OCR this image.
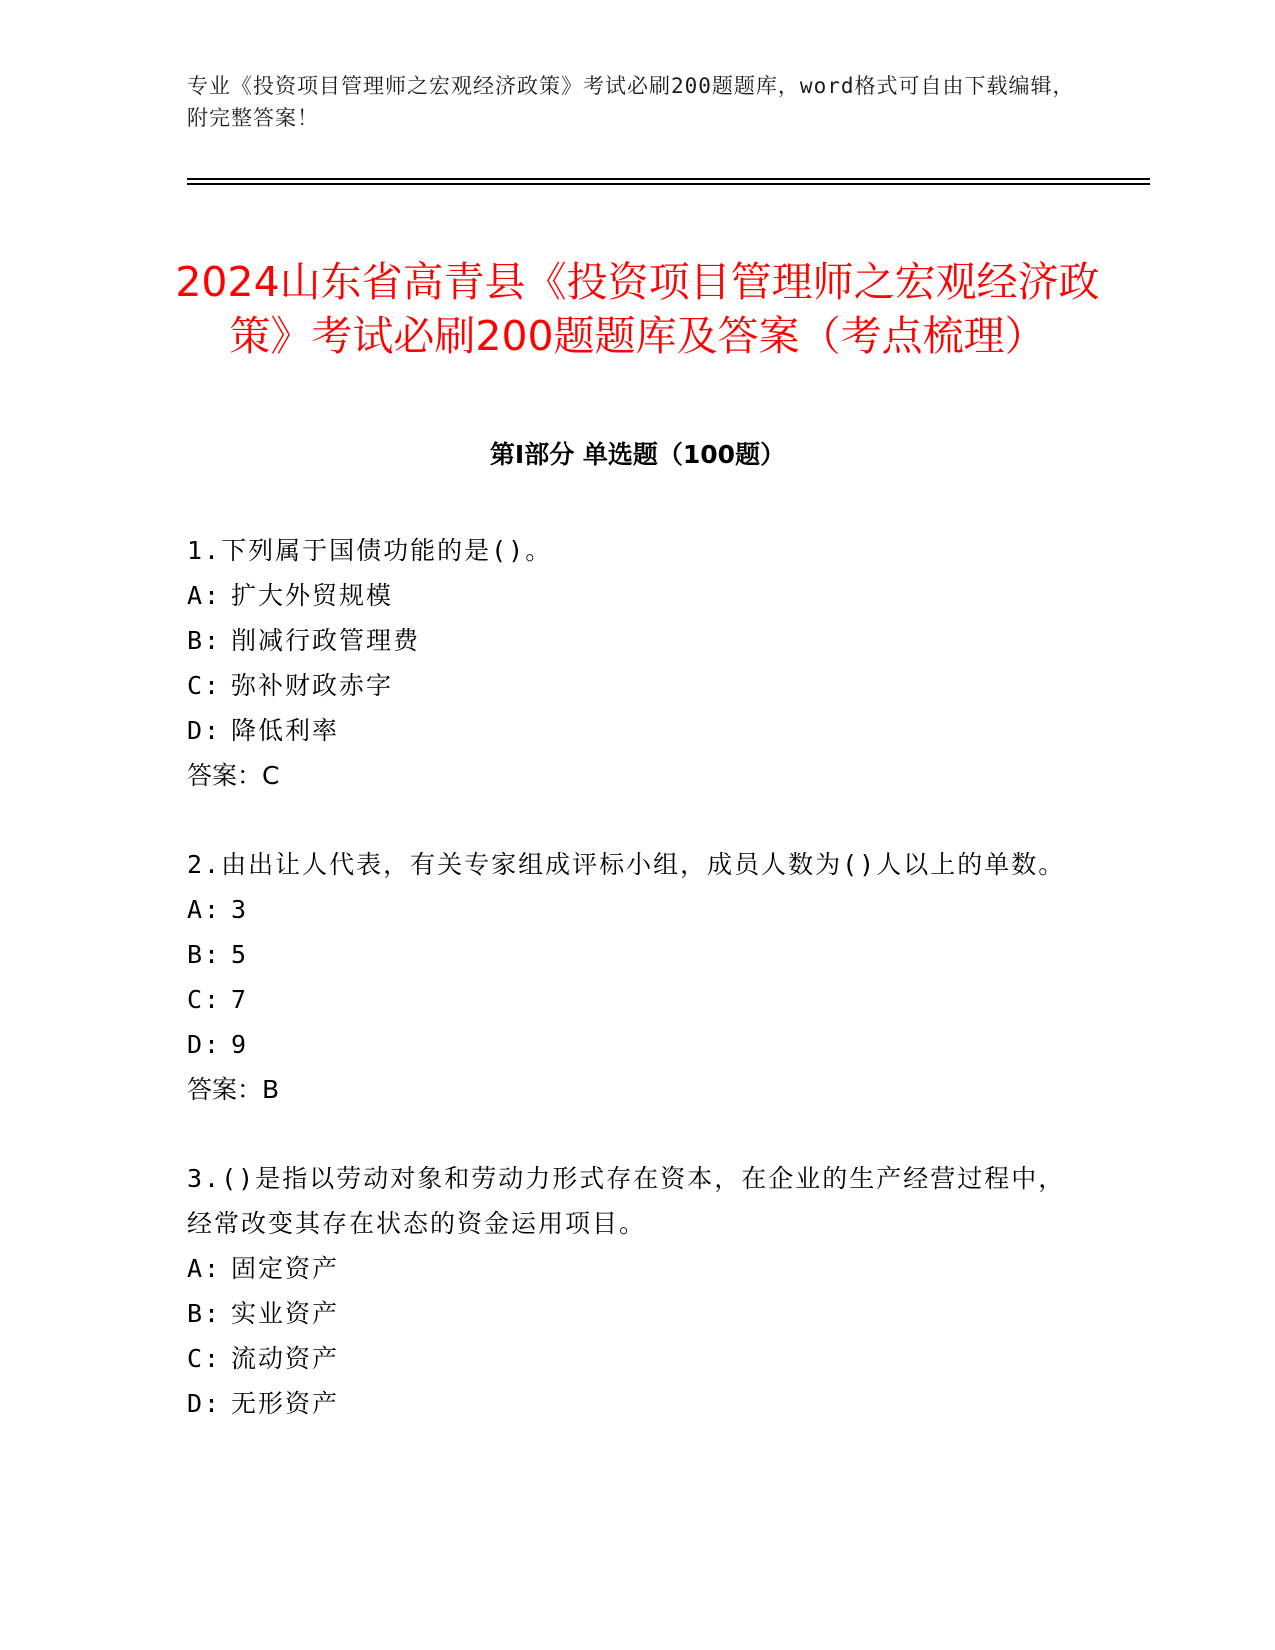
专业《投资项目管理师之宏观经济政策》考试必刷200题题库，word格式可自由下载编辑，附完整答案！
2024山东省高青县《投资项目管理师之宏观经济政策》考试必刷200题题库及答案（考点梳理）
第I部分 单选题（100题）
1.下列属于国债功能的是()。
A: 扩大外贸规模
B: 削减行政管理费
C: 弥补财政赤字
D: 降低利率
答案：C
2.由出让人代表，有关专家组成评标小组，成员人数为()人以上的单数。
A: 3
B: 5
C: 7
D: 9
答案：B
3.()是指以劳动对象和劳动力形式存在资本，在企业的生产经营过程中，经常改变其存在状态的资金运用项目。
A: 固定资产
B: 实业资产
C: 流动资产
D: 无形资产
